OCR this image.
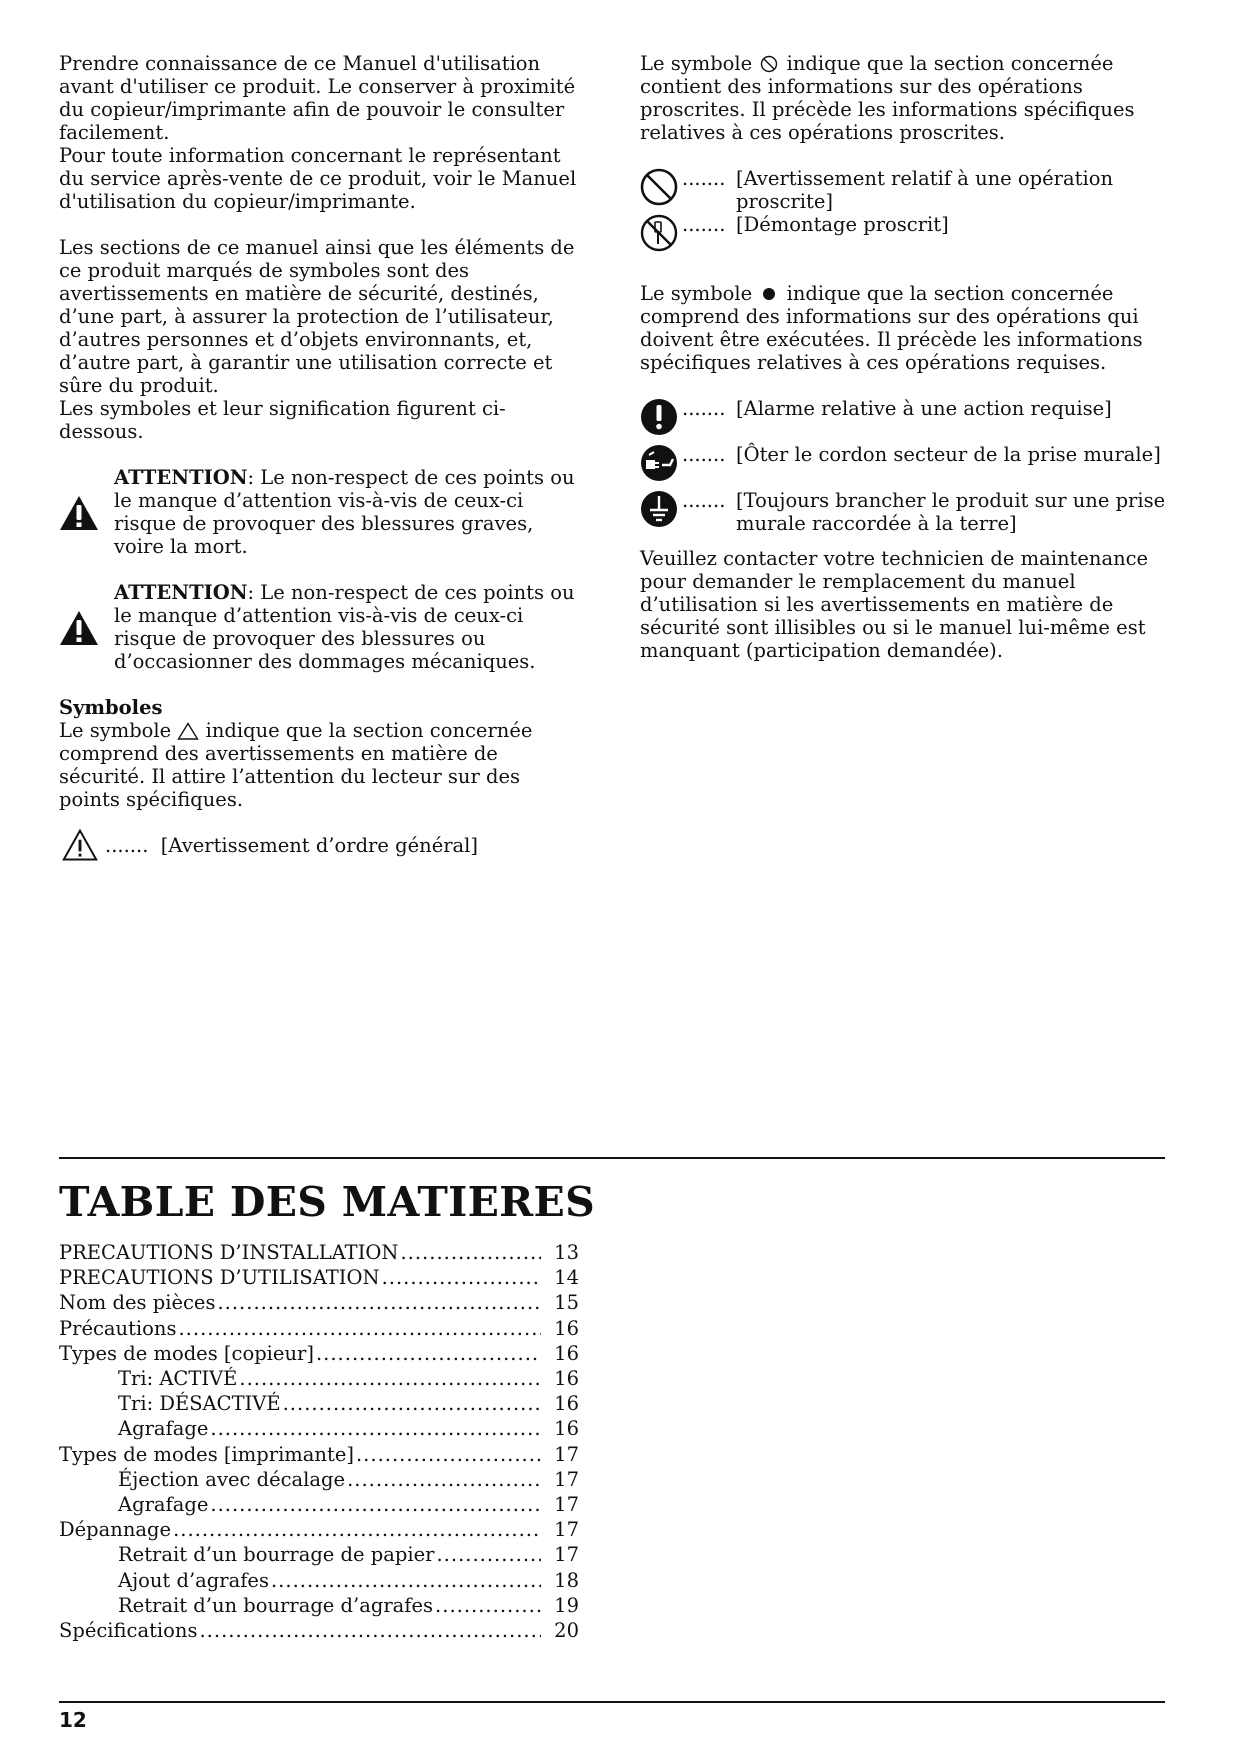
Prendre connaissance de ce Manuel d'utilisation avant d'utiliser ce produit. Le conserver à proximité du copieur/imprimante afin de pouvoir le consulter facilement.

Pour toute information concernant le représentant du service après-vente de ce produit, voir le Manuel d'utilisation du copieur/imprimante.

Les sections de ce manuel ainsi que les éléments de ce produit marqués de symboles sont des avertissements en matière de sécurité, destinés, d’une part, à assurer la protection de l’utilisateur, d’autres personnes et d’objets environnants, et, d’autre part, à garantir une utilisation correcte et sûre du produit.

Les symboles et leur signification figurent ci-dessous.

ATTENTION: Le non-respect de ces points ou le manque d’attention vis-à-vis de ceux-ci risque de provoquer des blessures graves, voire la mort.

ATTENTION: Le non-respect de ces points ou le manque d’attention vis-à-vis de ceux-ci risque de provoquer des blessures ou d’occasionner des dommages mécaniques.

Symboles

Le symbole indique que la section concernée comprend des avertissements en matière de sécurité. Il attire l’attention du lecteur sur des points spécifiques.

....... [Avertissement d’ordre général]

Le symbole indique que la section concernée contient des informations sur des opérations proscrites. Il précède les informations spécifiques relatives à ces opérations proscrites.

....... [Avertissement relatif à une opération proscrite]
....... [Démontage proscrit]

Le symbole indique que la section concernée comprend des informations sur des opérations qui doivent être exécutées. Il précède les informations spécifiques relatives à ces opérations requises.

....... [Alarme relative à une action requise]
....... [Ôter le cordon secteur de la prise murale]
....... [Toujours brancher le produit sur une prise murale raccordée à la terre]

Veuillez contacter votre technicien de maintenance pour demander le remplacement du manuel d’utilisation si les avertissements en matière de sécurité sont illisibles ou si le manuel lui-même est manquant (participation demandée).

TABLE DES MATIERES
PRECAUTIONS D’INSTALLATION .....	13
PRECAUTIONS D’UTILISATION .....	14
Nom des pièces .....	15
Précautions .....	16
Types de modes [copieur] .....	16
Tri: ACTIVÉ .....	16
Tri: DÉSACTIVÉ .....	16
Agrafage .....	16
Types de modes [imprimante] .....	17
Éjection avec décalage .....	17
Agrafage .....	17
Dépannage .....	17
Retrait d’un bourrage de papier .....	17
Ajout d’agrafes .....	18
Retrait d’un bourrage d’agrafes .....	19
Spécifications .....	20
12
